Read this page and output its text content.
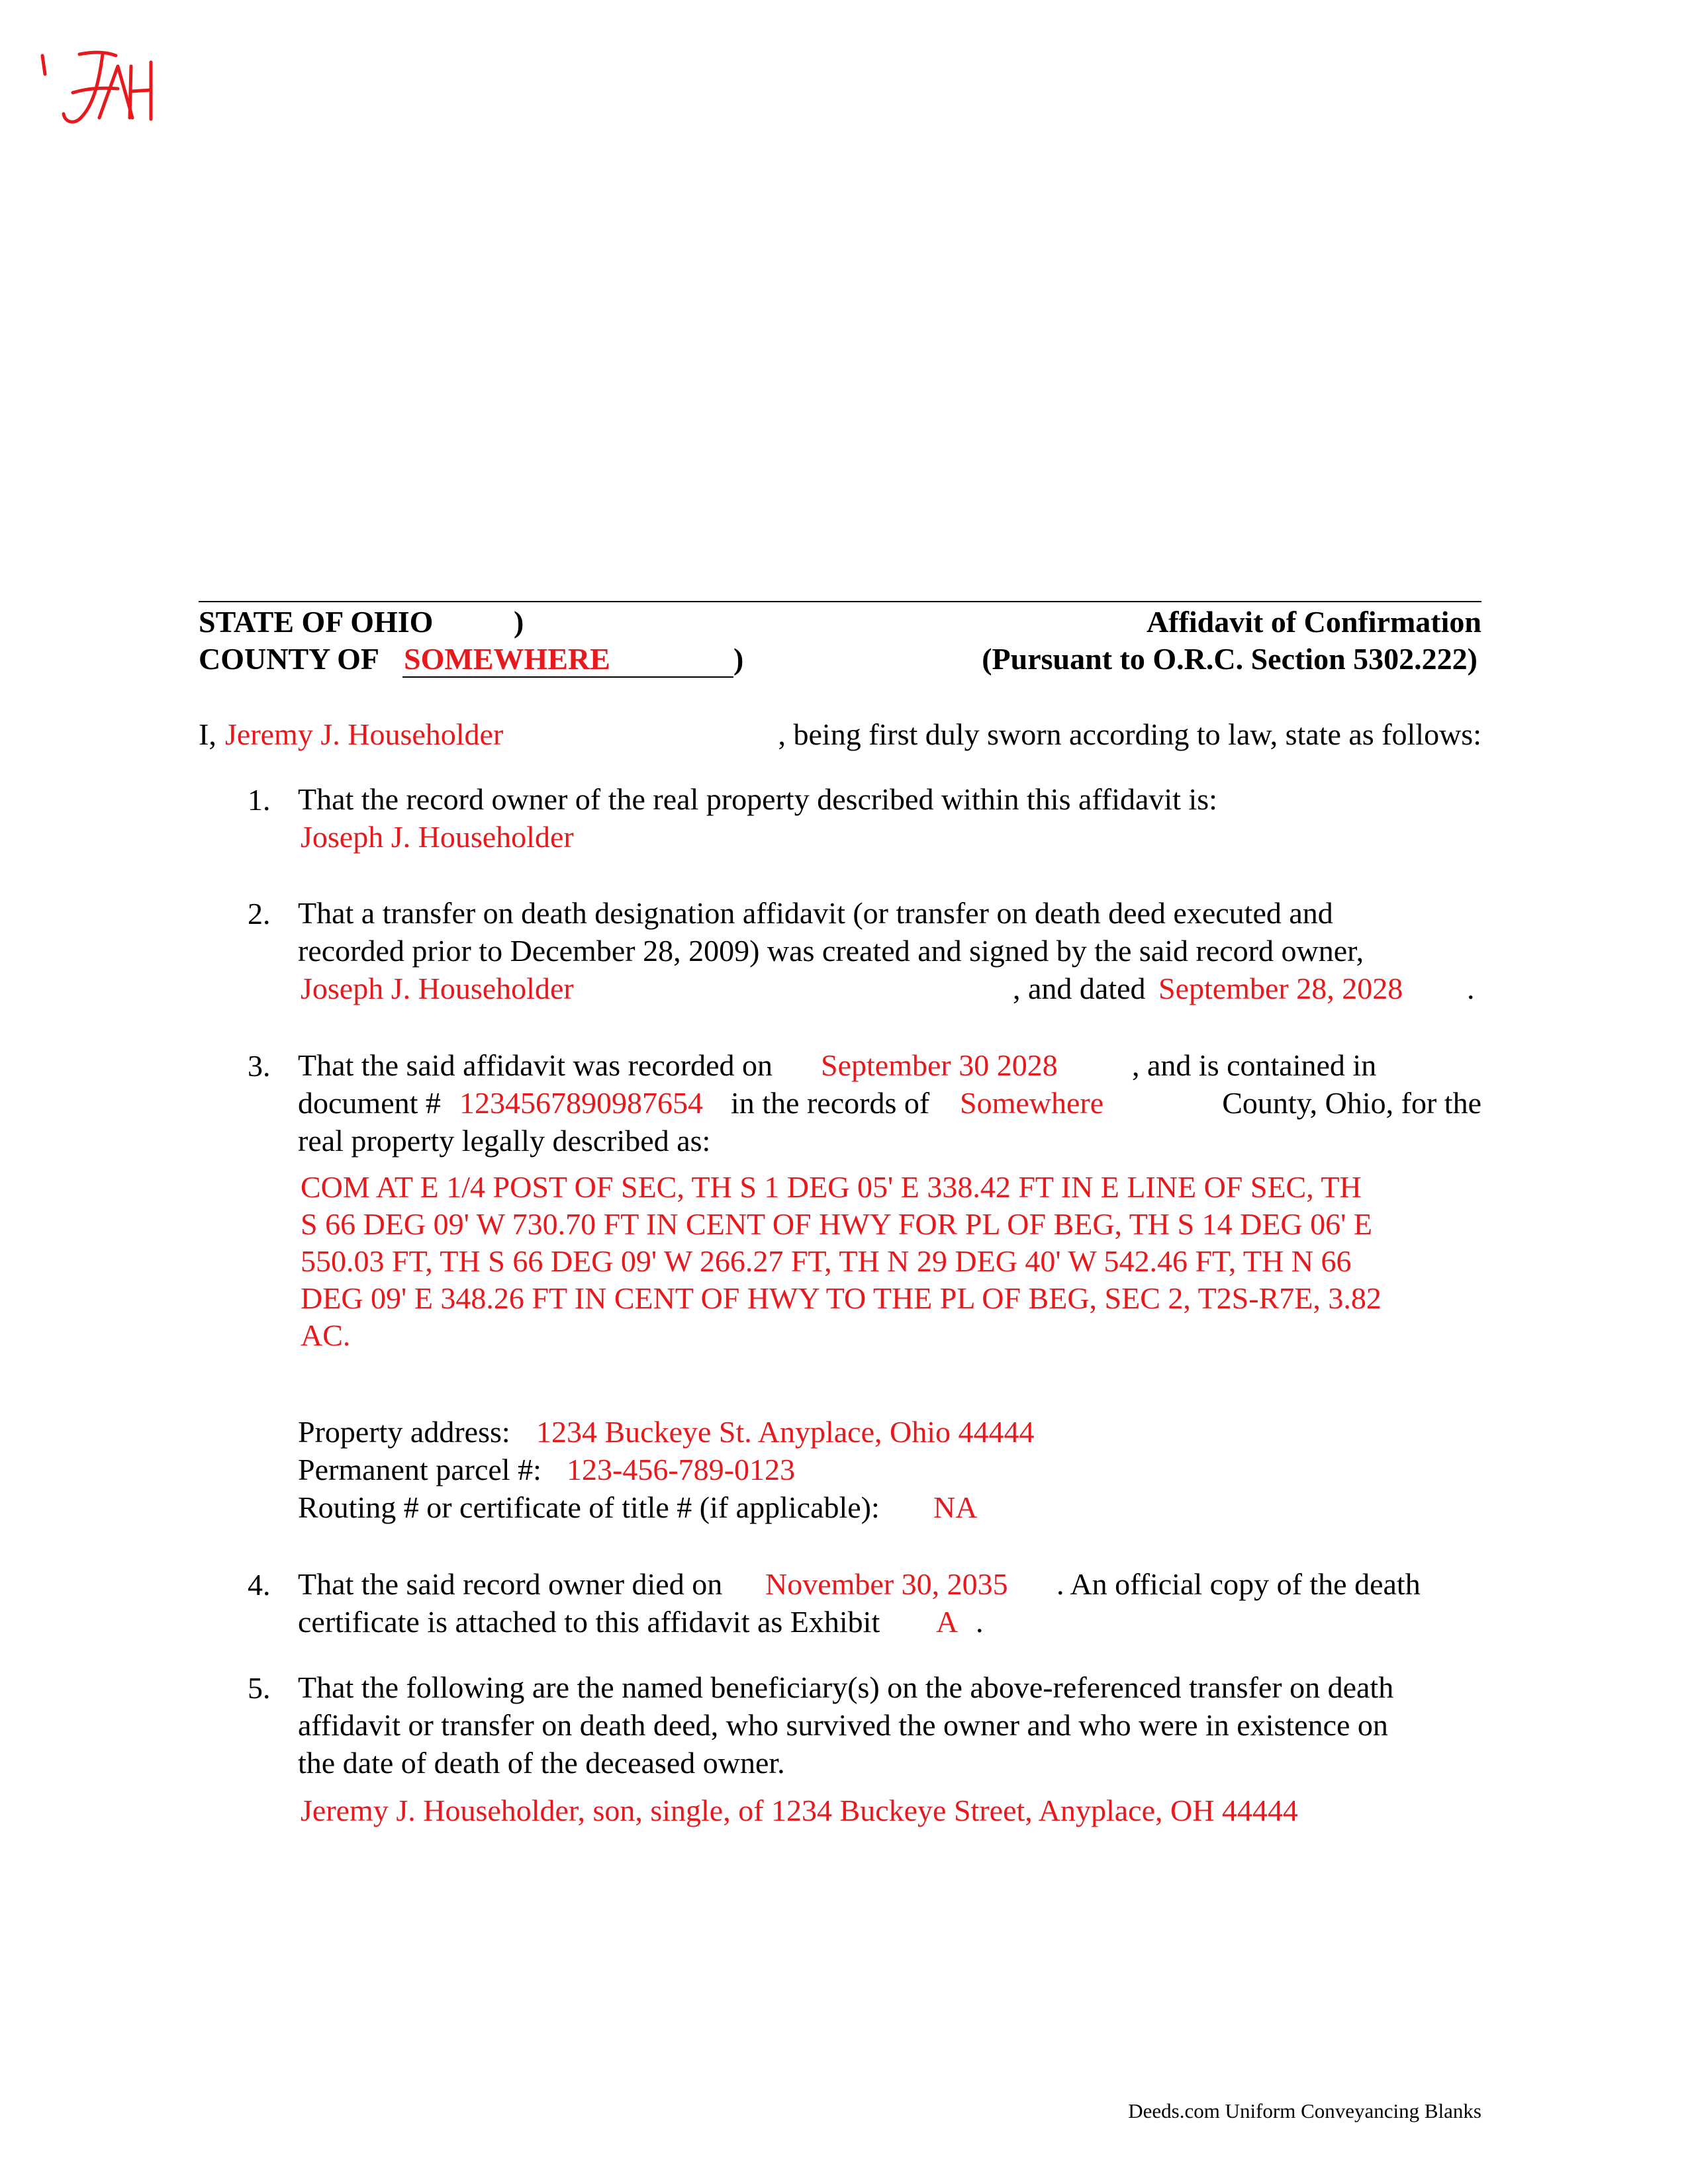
STATE OF OHIO	)
COUNTY OF SOMEWHERE	)
Affidavit of Confirmation
(Pursuant to O.R.C. Section 5302.222)
I, Jeremy J. Householder	, being first duly sworn according to law, state as follows:
1. That the record owner of the real property described within this affidavit is:
Joseph J. Householder
2. That a transfer on death designation affidavit (or transfer on death deed executed and
recorded prior to December 28, 2009) was created and signed by the said record owner,
Joseph J. Householder	, and dated September 28, 2028 .
3. That the said affidavit was recorded on September 30 2028 , and is contained in
document # 1234567890987654 in the records of Somewhere	County, Ohio, for the
real property legally described as:
COM AT E 1/4 POST OF SEC, TH S 1 DEG 05' E 338.42 FT IN E LINE OF SEC, TH
S 66 DEG 09' W 730.70 FT IN CENT OF HWY FOR PL OF BEG, TH S 14 DEG 06' E
550.03 FT, TH S 66 DEG 09' W 266.27 FT, TH N 29 DEG 40' W 542.46 FT, TH N 66
DEG 09' E 348.26 FT IN CENT OF HWY TO THE PL OF BEG, SEC 2, T2S-R7E, 3.82
AC.
Property address: 1234 Buckeye St. Anyplace, Ohio 44444
Permanent parcel #: 123-456-789-0123
Routing # or certificate of title # (if applicable): NA
4. That the said record owner died on November 30, 2035 . An official copy of the death
certificate is attached to this affidavit as Exhibit A .
5. That the following are the named beneficiary(s) on the above-referenced transfer on death
affidavit or transfer on death deed, who survived the owner and who were in existence on
the date of death of the deceased owner.
Jeremy J. Householder, son, single, of 1234 Buckeye Street, Anyplace, OH 44444
Deeds.com Uniform Conveyancing Blanks
